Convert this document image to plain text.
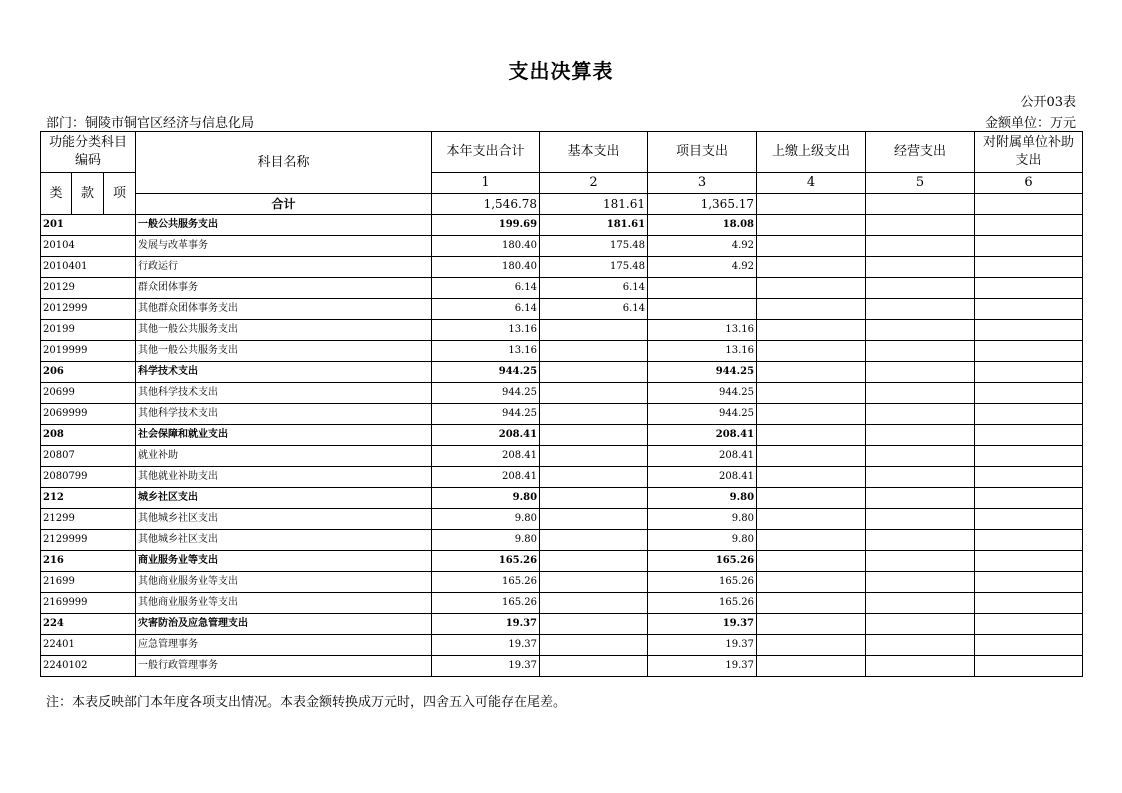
支出决算表
公开03表
部门：铜陵市铜官区经济与信息化局	金额单位：万元
功能分类科目编码			科目名称	本年支出合计	基本支出	项目支出	上缴上级支出	经营支出	对附属单位补助支出
类	款	项		1	2	3	4	5	6
			合计	1,546.78	181.61	1,365.17			
201			一般公共服务支出	199.69	181.61	18.08			
20104			发展与改革事务	180.40	175.48	4.92			
2010401			行政运行	180.40	175.48	4.92			
20129			群众团体事务	6.14	6.14				
2012999			其他群众团体事务支出	6.14	6.14				
20199			其他一般公共服务支出	13.16		13.16			
2019999			其他一般公共服务支出	13.16		13.16			
206			科学技术支出	944.25		944.25			
20699			其他科学技术支出	944.25		944.25			
2069999			其他科学技术支出	944.25		944.25			
208			社会保障和就业支出	208.41		208.41			
20807			就业补助	208.41		208.41			
2080799			其他就业补助支出	208.41		208.41			
212			城乡社区支出	9.80		9.80			
21299			其他城乡社区支出	9.80		9.80			
2129999			其他城乡社区支出	9.80		9.80			
216			商业服务业等支出	165.26		165.26			
21699			其他商业服务业等支出	165.26		165.26			
2169999			其他商业服务业等支出	165.26		165.26			
224			灾害防治及应急管理支出	19.37		19.37			
22401			应急管理事务	19.37		19.37			
2240102			一般行政管理事务	19.37		19.37			
注：本表反映部门本年度各项支出情况。本表金额转换成万元时，四舍五入可能存在尾差。
